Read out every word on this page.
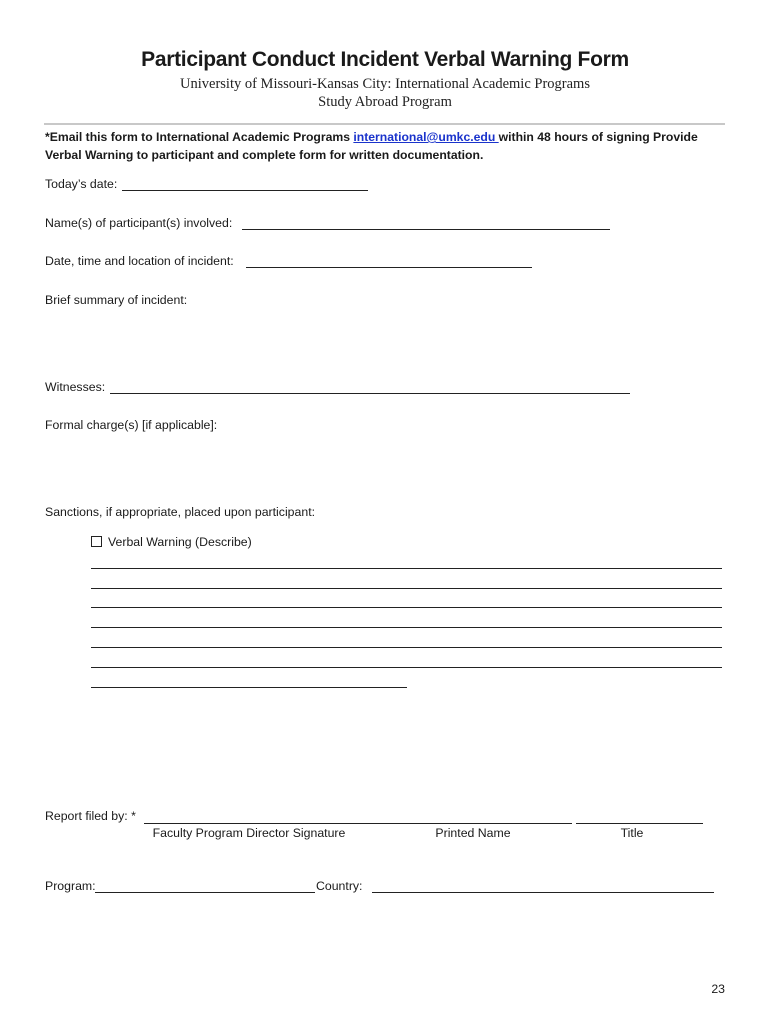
Participant Conduct Incident Verbal Warning Form
University of Missouri-Kansas City: International Academic Programs
Study Abroad Program
*Email this form to International Academic Programs international@umkc.edu within 48 hours of signing Provide Verbal Warning to participant and complete form for written documentation.
Today’s date:
Name(s) of participant(s) involved:
Date, time and location of incident:
Brief summary of incident:
Witnesses:
Formal charge(s) [if applicable]:
Sanctions, if appropriate, placed upon participant:
Verbal Warning (Describe)
Report filed by: *
Faculty Program Director Signature	Printed Name	Title
Program:	Country:
23
